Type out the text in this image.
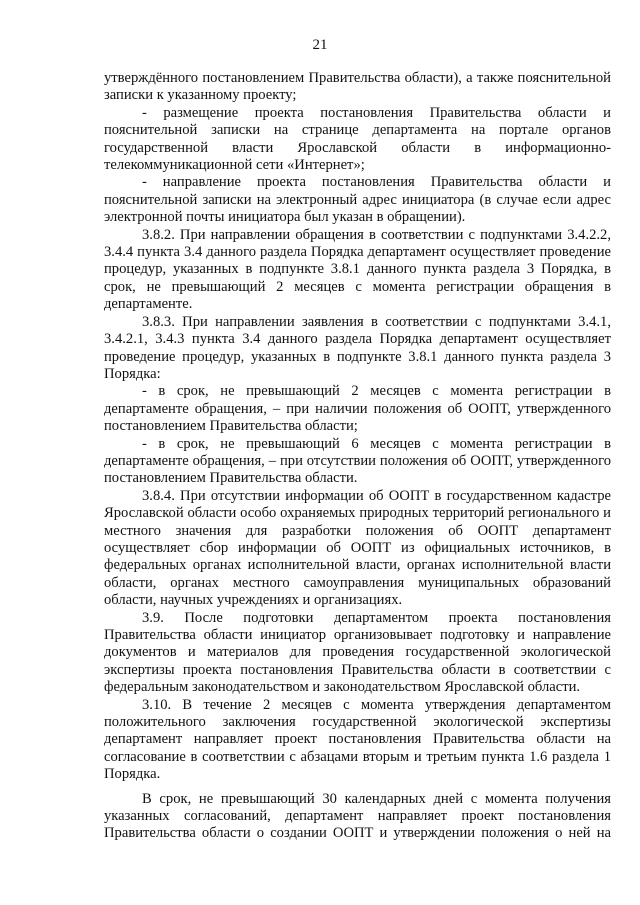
21

утверждённого постановлением Правительства области), а также пояснительной записки к указанному проекту;

- размещение проекта постановления Правительства области и пояснительной записки на странице департамента на портале органов государственной власти Ярославской области в информационно-телекоммуникационной сети «Интернет»;

- направление проекта постановления Правительства области и пояснительной записки на электронный адрес инициатора (в случае если адрес электронной почты инициатора был указан в обращении).

3.8.2. При направлении обращения в соответствии с подпунктами 3.4.2.2, 3.4.4 пункта 3.4 данного раздела Порядка департамент осуществляет проведение процедур, указанных в подпункте 3.8.1 данного пункта раздела 3 Порядка, в срок, не превышающий 2 месяцев с момента регистрации обращения в департаменте.

3.8.3. При направлении заявления в соответствии с подпунктами 3.4.1, 3.4.2.1, 3.4.3 пункта 3.4 данного раздела Порядка департамент осуществляет проведение процедур, указанных в подпункте 3.8.1 данного пункта раздела 3 Порядка:

- в срок, не превышающий 2 месяцев с момента регистрации в департаменте обращения, – при наличии положения об ООПТ, утвержденного постановлением Правительства области;

- в срок, не превышающий 6 месяцев с момента регистрации в департаменте обращения, – при отсутствии положения об ООПТ, утвержденного постановлением Правительства области.

3.8.4. При отсутствии информации об ООПТ в государственном кадастре Ярославской области особо охраняемых природных территорий регионального и местного значения для разработки положения об ООПТ департамент осуществляет сбор информации об ООПТ из официальных источников, в федеральных органах исполнительной власти, органах исполнительной власти области, органах местного самоуправления муниципальных образований области, научных учреждениях и организациях.

3.9. После подготовки департаментом проекта постановления Правительства области инициатор организовывает подготовку и направление документов и материалов для проведения государственной экологической экспертизы проекта постановления Правительства области в соответствии с федеральным законодательством и законодательством Ярославской области.

3.10. В течение 2 месяцев с момента утверждения департаментом положительного заключения государственной экологической экспертизы департамент направляет проект постановления Правительства области на согласование в соответствии с абзацами вторым и третьим пункта 1.6 раздела 1 Порядка.

В срок, не превышающий 30 календарных дней с момента получения указанных согласований, департамент направляет проект постановления Правительства области о создании ООПТ и утверждении положения о ней на
